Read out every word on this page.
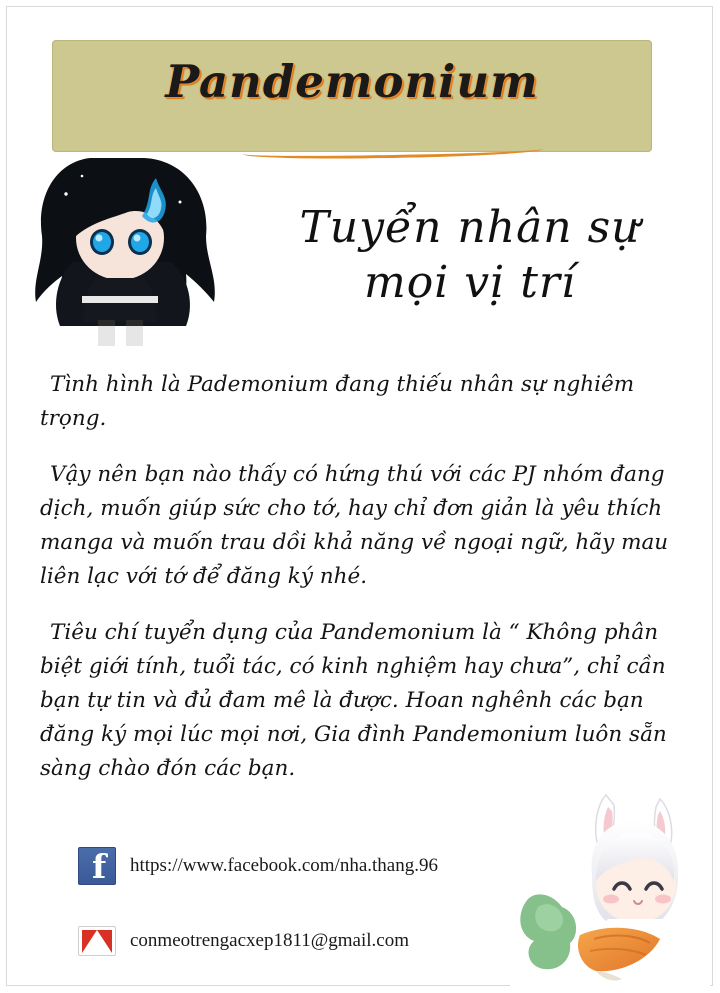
Pandemonium
Tuyển nhân sự
mọi vị trí

Tình hình là Pademonium đang thiếu nhân sự nghiêm trọng.

Vậy nên bạn nào thấy có hứng thú với các PJ nhóm đang dịch, muốn giúp sức cho tớ, hay chỉ đơn giản là yêu thích manga và muốn trau dồi khả năng về ngoại ngữ, hãy mau liên lạc với tớ để đăng ký nhé.

Tiêu chí tuyển dụng của Pandemonium là “ Không phân biệt giới tính, tuổi tác, có kinh nghiệm hay chưa”, chỉ cần bạn tự tin và đủ đam mê là được. Hoan nghênh các bạn đăng ký mọi lúc mọi nơi, Gia đình Pandemonium luôn sẵn sàng chào đón các bạn.

f
https://www.facebook.com/nha.thang.96
conmeotrengacxep1811@gmail.com
